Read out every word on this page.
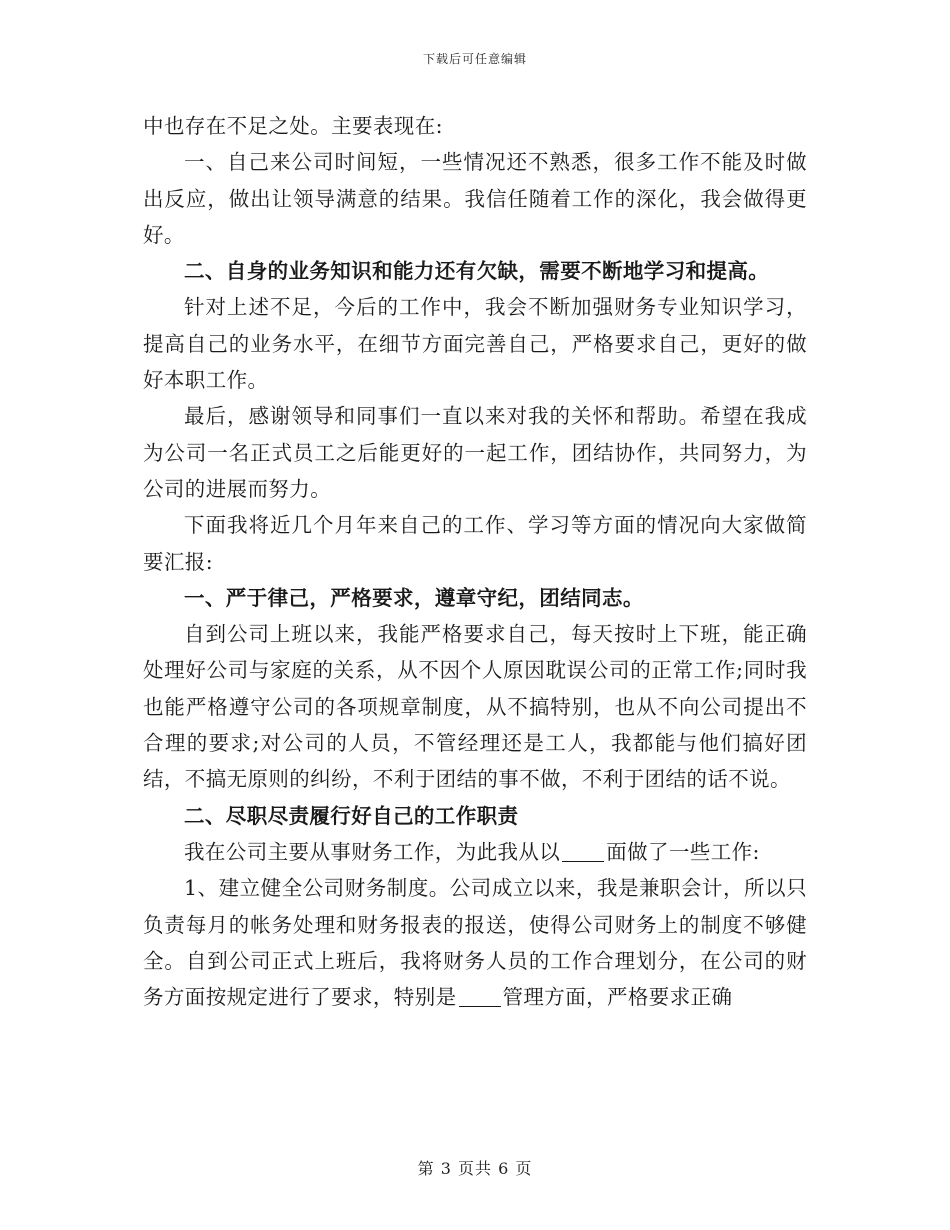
下载后可任意编辑

中也存在不足之处。主要表现在:

一、自己来公司时间短，一些情况还不熟悉，很多工作不能及时做出反应，做出让领导满意的结果。我信任随着工作的深化，我会做得更好。

二、自身的业务知识和能力还有欠缺，需要不断地学习和提高。

针对上述不足，今后的工作中，我会不断加强财务专业知识学习，提高自己的业务水平，在细节方面完善自己，严格要求自己，更好的做好本职工作。

最后，感谢领导和同事们一直以来对我的关怀和帮助。希望在我成为公司一名正式员工之后能更好的一起工作，团结协作，共同努力，为公司的进展而努力。

下面我将近几个月年来自己的工作、学习等方面的情况向大家做简要汇报:

一、严于律己，严格要求，遵章守纪，团结同志。

自到公司上班以来，我能严格要求自己，每天按时上下班，能正确处理好公司与家庭的关系，从不因个人原因耽误公司的正常工作;同时我也能严格遵守公司的各项规章制度，从不搞特别，也从不向公司提出不合理的要求;对公司的人员，不管经理还是工人，我都能与他们搞好团结，不搞无原则的纠纷，不利于团结的事不做，不利于团结的话不说。

二、尽职尽责履行好自己的工作职责

我在公司主要从事财务工作，为此我从以 面做了一些工作:

1、建立健全公司财务制度。公司成立以来，我是兼职会计，所以只负责每月的帐务处理和财务报表的报送，使得公司财务上的制度不够健全。自到公司正式上班后，我将财务人员的工作合理划分，在公司的财务方面按规定进行了要求，特别是 管理方面，严格要求正确

第 3 页共 6 页
